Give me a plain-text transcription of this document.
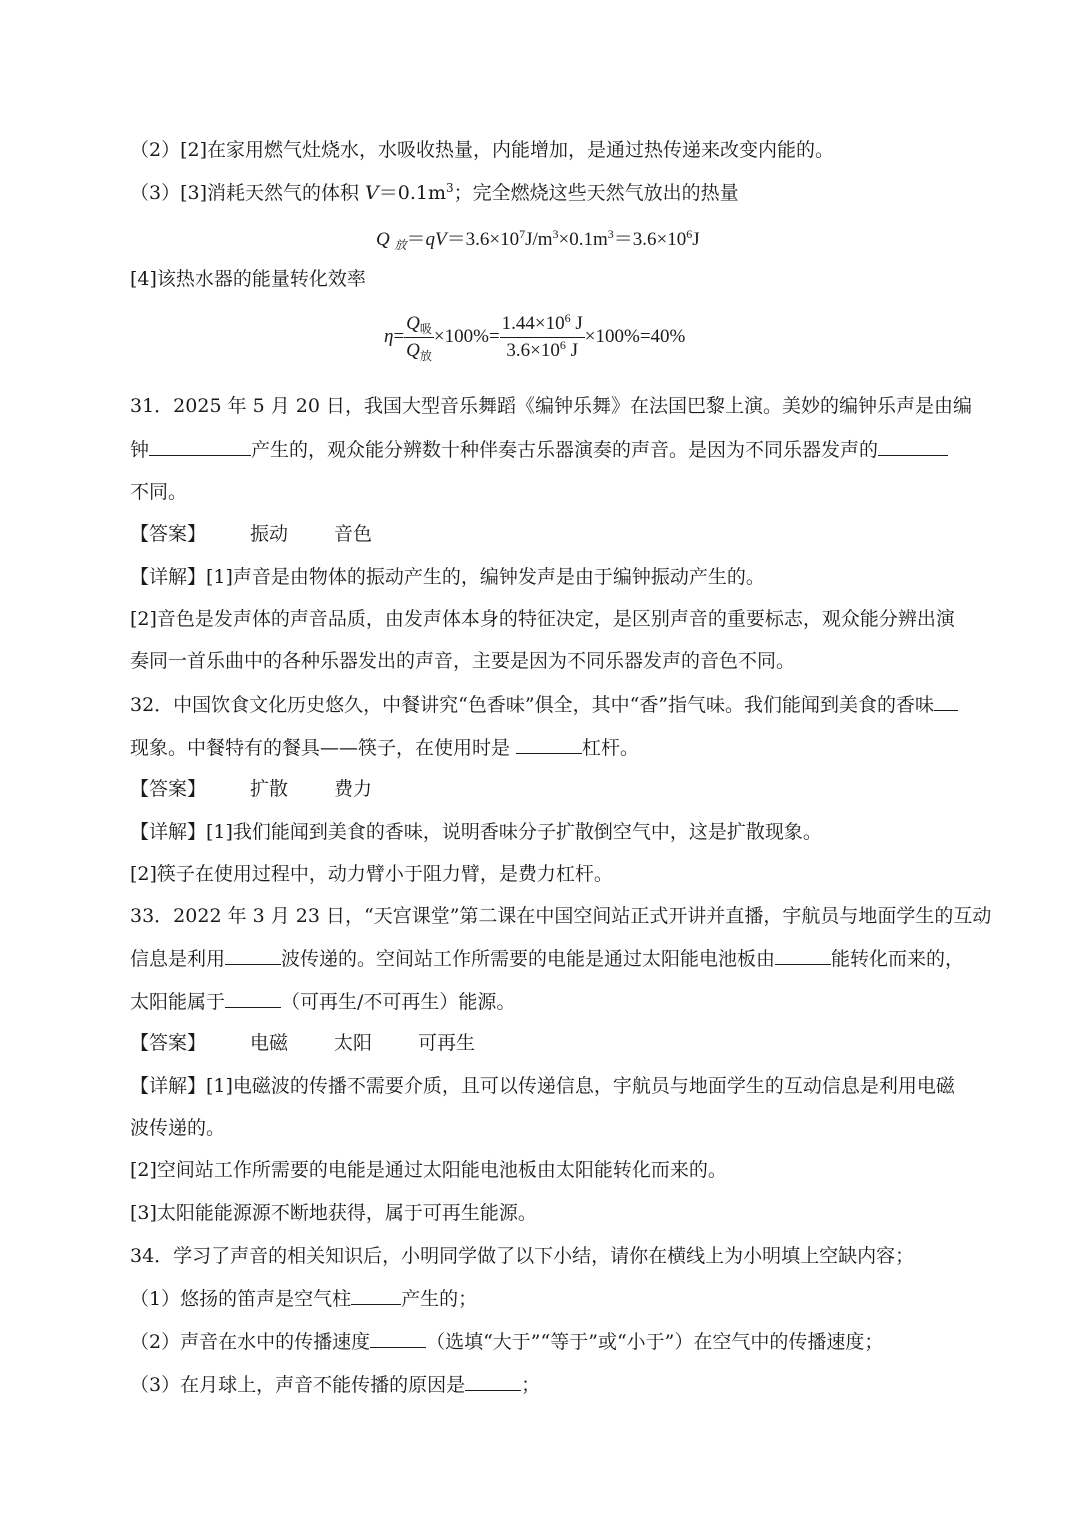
（2）[2]在家用燃气灶烧水，水吸收热量，内能增加，是通过热传递来改变内能的。
（3）[3]消耗天然气的体积 $V=0.1m^3$；完全燃烧这些天然气放出的热量
Q $_放=qV=3.6\times 10^7J/m^3\times 0.1m^3=3.6\times 10^6J$
[4]该热水器的能量转化效率
$\eta= \frac{Q_吸}{Q_放} \times 100\%= \frac{1.44\times 10^6 J}{3.6\times 10^6 J} \times 100\%=40\%$
31．2025 年 5 月 20 日，我国大型音乐舞蹈《编钟乐舞》在法国巴黎上演。美妙的编钟乐声是由编
钟	产生的，观众能分辨数十种伴奏古乐器演奏的声音。是因为不同乐器发声的
不同。
【答案】 振动 音色
【详解】[1]声音是由物体的振动产生的，编钟发声是由于编钟振动产生的。
[2]音色是发声体的声音品质，由发声体本身的特征决定，是区别声音的重要标志，观众能分辨出演
奏同一首乐曲中的各种乐器发出的声音，主要是因为不同乐器发声的音色不同。
32．中国饮食文化历史悠久，中餐讲究“色香味”俱全，其中“香”指气味。我们能闻到美食的香味
现象。中餐特有的餐具——筷子，在使用时是	杠杆。
【答案】 扩散 费力
【详解】[1]我们能闻到美食的香味，说明香味分子扩散倒空气中，这是扩散现象。
[2]筷子在使用过程中，动力臂小于阻力臂，是费力杠杆。
33．2022 年 3 月 23 日，“天宫课堂”第二课在中国空间站正式开讲并直播，宇航员与地面学生的互动
信息是利用	波传递的。空间站工作所需要的电能是通过太阳能电池板由	能转化而来的，
太阳能属于	（可再生/不可再生）能源。
【答案】 电磁 太阳 可再生
【详解】[1]电磁波的传播不需要介质，且可以传递信息，宇航员与地面学生的互动信息是利用电磁
波传递的。
[2]空间站工作所需要的电能是通过太阳能电池板由太阳能转化而来的。
[3]太阳能能源源不断地获得，属于可再生能源。
34．学习了声音的相关知识后，小明同学做了以下小结，请你在横线上为小明填上空缺内容；
（1）悠扬的笛声是空气柱	产生的；
（2）声音在水中的传播速度	（选填“大于”“等于”或“小于”）在空气中的传播速度；
（3）在月球上，声音不能传播的原因是	；
